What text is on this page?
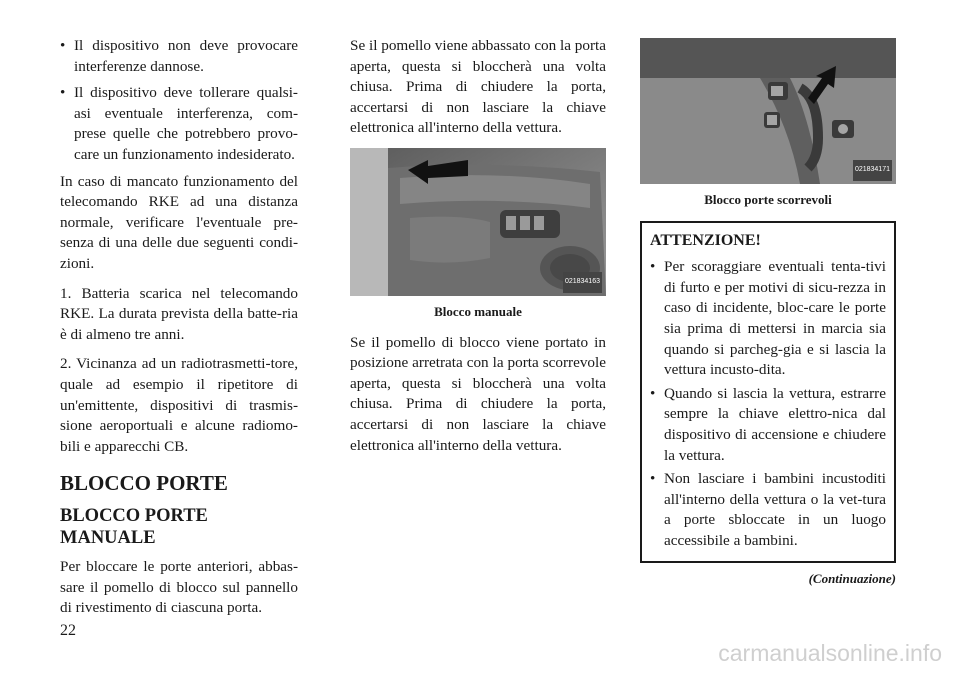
• Il dispositivo non deve provocare interferenze dannose.
• Il dispositivo deve tollerare qualsi-asi eventuale interferenza, com-prese quelle che potrebbero provo-care un funzionamento indesiderato.

In caso di mancato funzionamento del telecomando RKE ad una distanza normale, verificare l'eventuale pre-senza di una delle due seguenti condi-zioni.

1. Batteria scarica nel telecomando RKE. La durata prevista della batte-ria è di almeno tre anni.

2. Vicinanza ad un radiotrasmetti-tore, quale ad esempio il ripetitore di un'emittente, dispositivi di trasmis-sione aeroportuali e alcune radiomo-bili e apparecchi CB.

BLOCCO PORTE
BLOCCO PORTE MANUALE

Per bloccare le porte anteriori, abbas-sare il pomello di blocco sul pannello di rivestimento di ciascuna porta.

Se il pomello viene abbassato con la porta aperta, questa si bloccherà una volta chiusa. Prima di chiudere la porta, accertarsi di non lasciare la chiave elettronica all'interno della vettura.

021834163
Blocco manuale

Se il pomello di blocco viene portato in posizione arretrata con la porta scorrevole aperta, questa si bloccherà una volta chiusa. Prima di chiudere la porta, accertarsi di non lasciare la chiave elettronica all'interno della vettura.

021834171
Blocco porte scorrevoli
ATTENZIONE!
• Per scoraggiare eventuali tenta-tivi di furto e per motivi di sicu-rezza in caso di incidente, bloc-care le porte sia prima di mettersi in marcia sia quando si parcheg-gia e si lascia la vettura incusto-dita.
• Quando si lascia la vettura, estrarre sempre la chiave elettro-nica dal dispositivo di accensione e chiudere la vettura.
• Non lasciare i bambini incustoditi all'interno della vettura o la vet-tura a porte sbloccate in un luogo accessibile a bambini.
(Continuazione)
22
carmanualsonline.info
